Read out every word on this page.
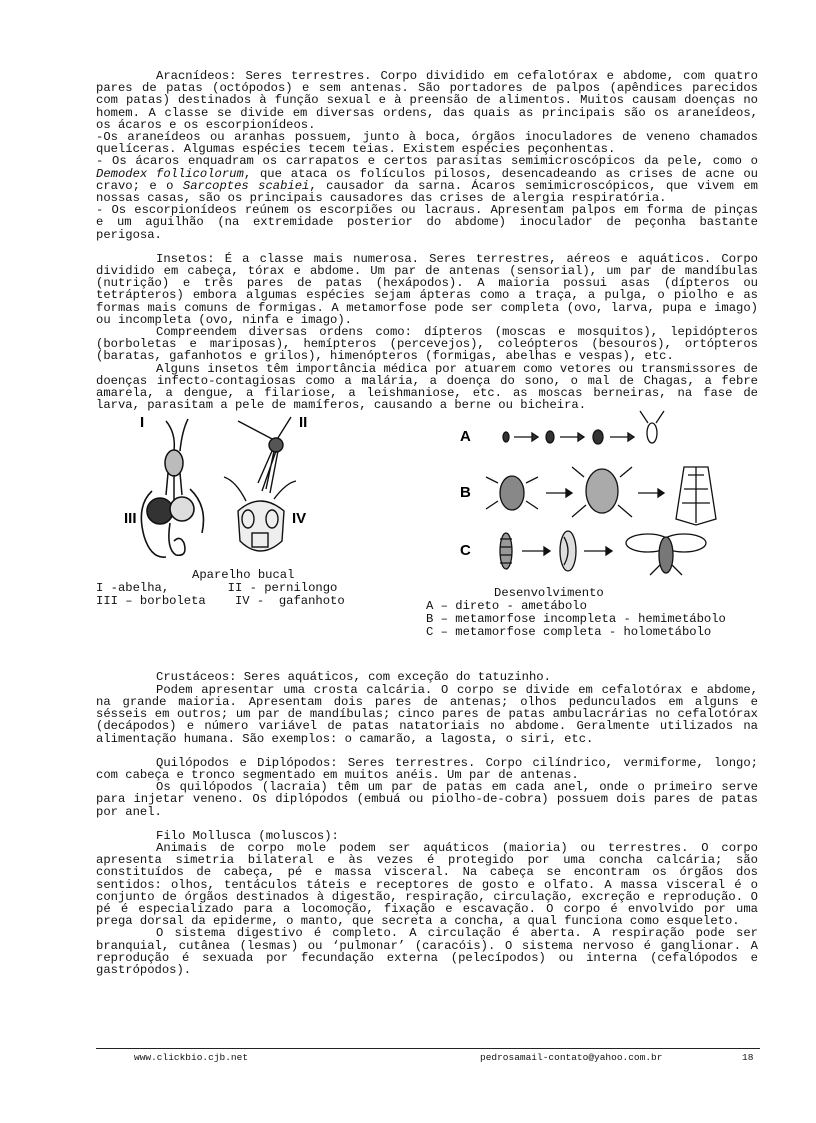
Aracnídeos: Seres terrestres. Corpo dividido em cefalotórax e abdome, com quatro pares de patas (octópodos) e sem antenas. São portadores de palpos (apêndices parecidos com patas) destinados à função sexual e à preensão de alimentos. Muitos causam doenças no homem. A classe se divide em diversas ordens, das quais as principais são os araneídeos, os ácaros e os escorpionídeos.

-Os araneídeos ou aranhas possuem, junto à boca, órgãos inoculadores de veneno chamados quelíceras. Algumas espécies tecem teias. Existem espécies peçonhentas.

- Os ácaros enquadram os carrapatos e certos parasitas semimicroscópicos da pele, como o Demodex follicolorum, que ataca os folículos pilosos, desencadeando as crises de acne ou cravo; e o Sarcoptes scabiei, causador da sarna. Ácaros semimicroscópicos, que vivem em nossas casas, são os principais causadores das crises de alergia respiratória.

- Os escorpionídeos reúnem os escorpiões ou lacraus. Apresentam palpos em forma de pinças e um aguilhão (na extremidade posterior do abdome) inoculador de peçonha bastante perigosa.

Insetos: É a classe mais numerosa. Seres terrestres, aéreos e aquáticos. Corpo dividido em cabeça, tórax e abdome. Um par de antenas (sensorial), um par de mandíbulas (nutrição) e três pares de patas (hexápodos). A maioria possui asas (dípteros ou tetrápteros) embora algumas espécies sejam ápteras como a traça, a pulga, o piolho e as formas mais comuns de formigas. A metamorfose pode ser completa (ovo, larva, pupa e imago) ou incompleta (ovo, ninfa e imago).

Compreendem diversas ordens como: dípteros (moscas e mosquitos), lepidópteros (borboletas e mariposas), hemípteros (percevejos), coleópteros (besouros), ortópteros (baratas, gafanhotos e grilos), himenópteros (formigas, abelhas e vespas), etc.

Alguns insetos têm importância médica por atuarem como vetores ou transmissores de doenças infecto-contagiosas como a malária, a doença do sono, o mal de Chagas, a febre amarela, a dengue, a filariose, a leishmaniose, etc. as moscas berneiras, na fase de larva, parasitam a pele de mamíferos, causando a berne ou bicheira.

I	II
III	IV
Aparelho bucal
I -abelha,        II - pernilongo
III – borboleta    IV -  gafanhoto
A
B
C
Desenvolvimento
A – direto - ametábolo
B – metamorfose incompleta - hemimetábolo
C – metamorfose completa - holometábolo

Crustáceos: Seres aquáticos, com exceção do tatuzinho.

Podem apresentar uma crosta calcária. O corpo se divide em cefalotórax e abdome, na grande maioria. Apresentam dois pares de antenas; olhos pedunculados em alguns e sésseis em outros; um par de mandíbulas; cinco pares de patas ambulacrárias no cefalotórax (decápodos) e número variável de patas natatoriais no abdome. Geralmente utilizados na alimentação humana. São exemplos: o camarão, a lagosta, o siri, etc.

Quilópodos e Diplópodos: Seres terrestres. Corpo cilíndrico, vermiforme, longo; com cabeça e tronco segmentado em muitos anéis. Um par de antenas.

Os quilópodos (lacraia) têm um par de patas em cada anel, onde o primeiro serve para injetar veneno. Os diplópodos (embuá ou piolho-de-cobra) possuem dois pares de patas por anel.

Filo Mollusca (moluscos):

Animais de corpo mole podem ser aquáticos (maioria) ou terrestres. O corpo apresenta simetria bilateral e às vezes é protegido por uma concha calcária; são constituídos de cabeça, pé e massa visceral. Na cabeça se encontram os órgãos dos sentidos: olhos, tentáculos táteis e receptores de gosto e olfato. A massa visceral é o conjunto de órgãos destinados à digestão, respiração, circulação, excreção e reprodução. O pé é especializado para a locomoção, fixação e escavação. O corpo é envolvido por uma prega dorsal da epiderme, o manto, que secreta a concha, a qual funciona como esqueleto.

O sistema digestivo é completo. A circulação é aberta. A respiração pode ser branquial, cutânea (lesmas) ou ‘pulmonar’ (caracóis). O sistema nervoso é ganglionar. A reprodução é sexuada por fecundação externa (pelecípodos) ou interna (cefalópodos e gastrópodos).

www.clickbio.cjb.net	pedrosamail-contato@yahoo.com.br	18
